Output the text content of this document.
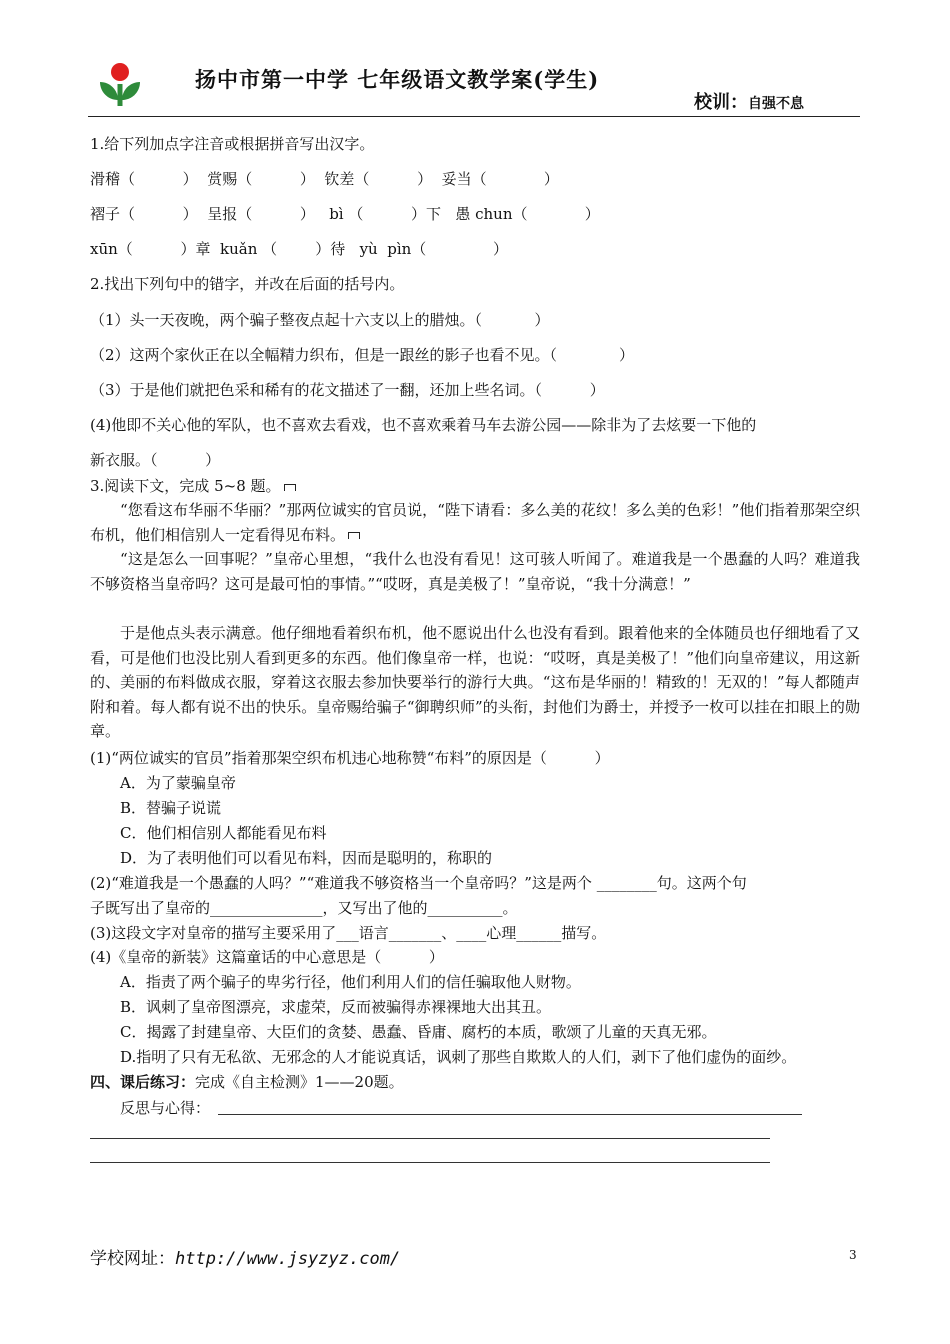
扬中市第一中学 七年级语文教学案(学生)
校训：自强不息
1.给下列加点字注音或根据拼音写出汉字。
滑稽（          ）  赏赐（          ）  钦差（          ）  妥当（            ）
褶子（          ）  呈报（          ）   bì （          ）下   愚 chun（            ）
xūn（          ）章  kuǎn （        ）待   yù  pìn（              ）
2.找出下列句中的错字，并改在后面的括号内。
（1）头一天夜晚，两个骗子整夜点起十六支以上的腊烛。（           ）
（2）这两个家伙正在以全幅精力织布，但是一跟丝的影子也看不见。（             ）
（3）于是他们就把色采和稀有的花文描述了一翻，还加上些名词。（          ）
(4)他即不关心他的军队，也不喜欢去看戏，也不喜欢乘着马车去游公园——除非为了去炫要一下他的
新衣服。（          ）
3.阅读下文，完成 5~8 题。
“您看这布华丽不华丽？”那两位诚实的官员说，“陛下请看：多么美的花纹！多么美的色彩！”他们指着那架空织布机，他们相信别人一定看得见布料。
“这是怎么一回事呢？”皇帝心里想，“我什么也没有看见！这可骇人听闻了。难道我是一个愚蠢的人吗？难道我不够资格当皇帝吗？这可是最可怕的事情。”“哎呀，真是美极了！”皇帝说，“我十分满意！”
于是他点头表示满意。他仔细地看着织布机，他不愿说出什么也没有看到。跟着他来的全体随员也仔细地看了又看，可是他们也没比别人看到更多的东西。他们像皇帝一样，也说：“哎呀，真是美极了！”他们向皇帝建议，用这新的、美丽的布料做成衣服，穿着这衣服去参加快要举行的游行大典。“这布是华丽的！精致的！无双的！”每人都随声附和着。每人都有说不出的快乐。皇帝赐给骗子“御聘织师”的头衔，封他们为爵士，并授予一枚可以挂在扣眼上的勋章。
(1)“两位诚实的官员”指着那架空织布机违心地称赞“布料”的原因是（          ）
A．为了蒙骗皇帝
B．替骗子说谎
C．他们相信别人都能看见布料
D．为了表明他们可以看见布料，因而是聪明的，称职的
(2)“难道我是一个愚蠢的人吗？”“难道我不够资格当一个皇帝吗？”这是两个 ________句。这两个句
子既写出了皇帝的_______________，又写出了他的__________。
(3)这段文字对皇帝的描写主要采用了___语言_______、____心理______描写。
(4)《皇帝的新装》这篇童话的中心意思是（          ）
A．指责了两个骗子的卑劣行径，他们利用人们的信任骗取他人财物。
B．讽刺了皇帝图漂亮，求虚荣，反而被骗得赤裸裸地大出其丑。
C．揭露了封建皇帝、大臣们的贪婪、愚蠢、昏庸、腐朽的本质，歌颂了儿童的天真无邪。
D.指明了只有无私欲、无邪念的人才能说真话，讽刺了那些自欺欺人的人们，剥下了他们虚伪的面纱。
四、课后练习：完成《自主检测》1——20题。
反思与心得：
学校网址：http://www.jsyzyz.com/	3
